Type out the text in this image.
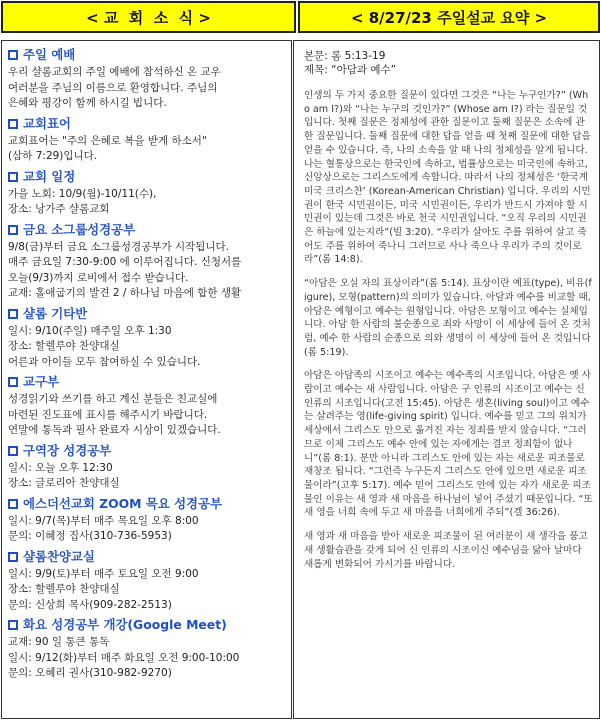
< 교  회  소  식 >	< 8/27/23 주일설교 요약 >
주일 예배
우리 샬롬교회의 주일 예배에 참석하신 온 교우
여러분을 주님의 이름으로 환영합니다. 주님의
은혜와 평강이 함께 하시길 빕니다.
교회표어
교회표어는 "주의 은혜로 복을 받게 하소서"
(삼하 7:29)입니다.
교회 일정
가을 노회: 10/9(월)-10/11(수),
장소: 낭가주 샬롬교회
금요 소그룹성경공부
9/8(금)부터 금요 소그룹성경공부가 시작됩니다.
매주 금요일 7:30-9:00 에 이루어집니다. 신청서를
오늘(9/3)까지 로비에서 접수 받습니다.
교재: 홀애굽기의 발견 2 / 하나님 마음에 합한 생활
샬롬 기타반
일시: 9/10(주일) 매주일 오후 1:30
장소: 할렐루야 찬양대실
어른과 아이들 모두 참여하실 수 있습니다.
교구부
성경읽기와 쓰기를 하고 계신 분들은 친교실에
마련된 진도표에 표시를 해주시기 바랍니다.
연말에 통독과 필사 완료자 시상이 있겠습니다.
구역장 성경공부
일시: 오늘 오후 12:30
장소: 글로리아 찬양대실
에스더선교회 ZOOM 목요 성경공부
일시: 9/7(목)부터 매주 목요일 오후 8:00
문의: 이혜정 집사(310-736-5953)
샬롬찬양교실
일시: 9/9(토)부터 매주 토요일 오전 9:00
장소: 할렐루야 찬양대실
문의: 신상희 목사(909-282-2513)
화요 성경공부 개강(Google Meet)
교재: 90 일 통큰 통독
일시: 9/12(화)부터 매주 화요일 오전 9:00-10:00
문의: 오혜리 권사(310-982-9270)
본문: 롬 5:13-19
제목: “아담과 예수”

인생의 두 가지 중요한 질문이 있다면 그것은 “나는 누구인가?” (Who am I?)와 “나는 누구의 것인가?” (Whose am I?) 라는 질문일 것입니다. 첫째 질문은 정체성에 관한 질문이고 둘째 질문은 소속에 관한 질문입니다. 둘째 질문에 대한 답을 얻을 때 첫째 질문에 대한 답을 얻을 수 있습니다. 즉, 나의 소속을 알 때 나의 정체성을 알게 됩니다. 나는 혈통상으로는 한국인에 속하고, 법률상으로는 미국인에 속하고, 신앙상으로는 그리스도에게 속합니다. 따라서 나의 정체성은 ‘한국계 미국 크리스챤’ (Korean-American Christian) 입니다. 우리의 시민권이 한국 시민권이든, 미국 시민권이든, 우리가 반드시 가져야 할 시민권이 있는데 그것은 바로 천국 시민권입니다. “오직 우리의 시민권은 하늘에 있는지라”(빌 3:20). “우리가 살아도 주를 위하여 살고 죽어도 주를 위하여 죽나니 그러므로 사나 죽으나 우리가 주의 것이로라”(롬 14:8).

“아담은 오실 자의 표상이라”(롬 5:14). 표상이란 예표(type), 비유(figure), 모형(pattern)의 의미가 있습니다. 아담과 예수를 비교할 때, 아담은 예형이고 예수는 원형입니다. 아담은 모형이고 예수는 실체입니다. 아담 한 사람의 불순종으로 죄와 사망이 이 세상에 들어 온 것처럼, 예수 한 사람의 순종으로 의와 생명이 이 세상에 들어 온 것입니다(롬 5:19).

아담은 아담족의 시조이고 예수는 예수족의 시조입니다. 아담은 옛 사람이고 예수는 새 사람입니다. 아담은 구 인류의 시조이고 예수는 신 인류의 시조입니다(고전 15:45). 아담은 생혼(living soul)이고 예수는 살려주는 영(life-giving spirit) 입니다. 예수를 믿고 그의 위치가 세상에서 그리스도 안으로 옮겨진 자는 정죄를 받지 않습니다. “그러므로 이제 그리스도 예수 안에 있는 자에게는 결코 정죄함이 없나니”(롬 8:1). 분만 아니라 그리스도 안에 있는 자는 새로운 피조물로 재창조 됩니다. “그런즉 누구든지 그리스도 안에 있으면 새로운 피조물이라”(고후 5:17). 예수 믿어 그리스도 안에 있는 자가 새로운 피조물인 이유는 새 영과 새 마음을 하나님이 넣어 주셨기 때문입니다. “또 새 영을 너희 속에 두고 새 마음을 너희에게 주되”(겔 36:26).

새 영과 새 마음을 받아 새로운 피조물이 된 여러분이 새 생각을 품고 새 생활습관을 갖게 되어 신 인류의 시조이신 예수님을 닮아 날마다 새롭게 변화되어 가시기를 바랍니다.
